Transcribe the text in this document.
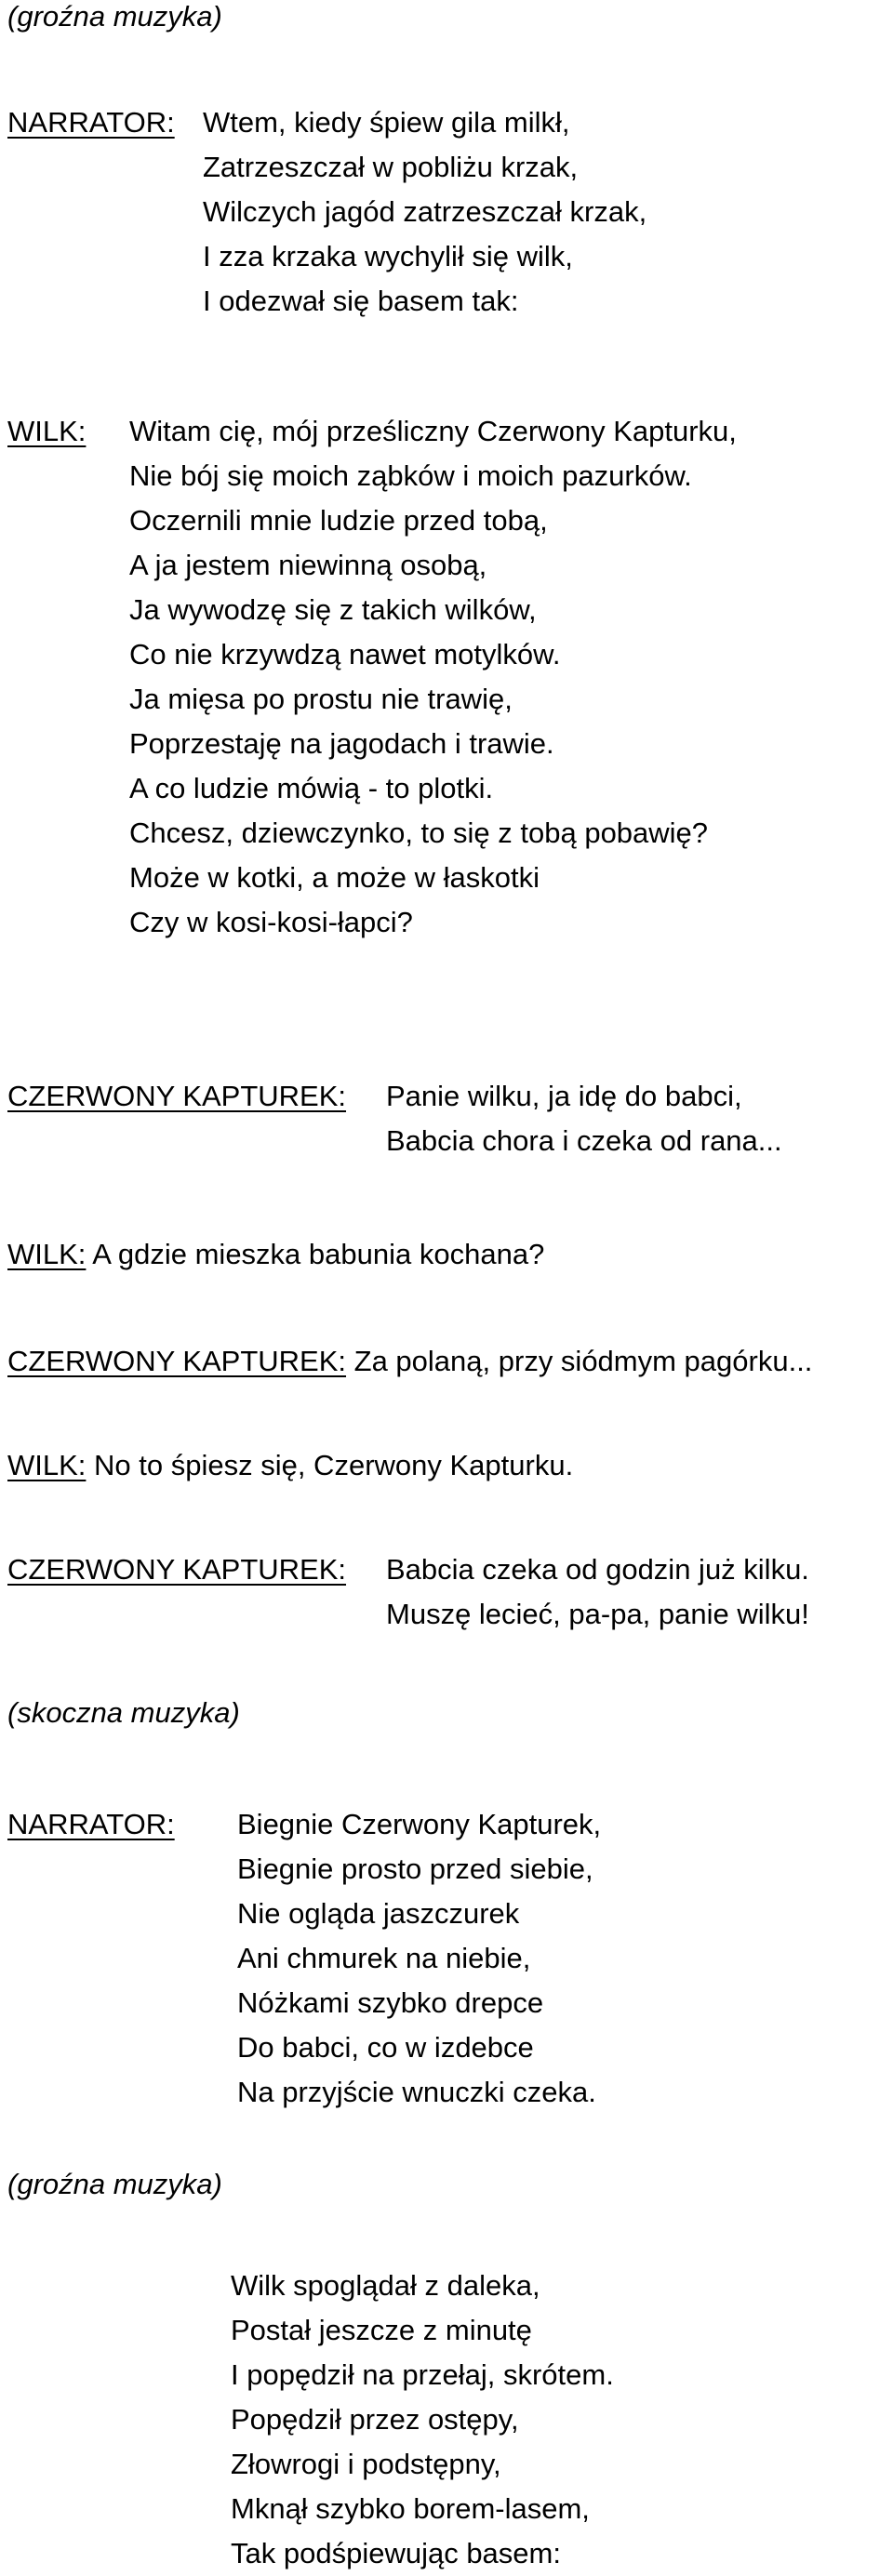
(groźna muzyka)
NARRATOR: Wtem, kiedy śpiew gila milkł,
Zatrzeszczał w pobliżu krzak,
Wilczych jagód zatrzeszczał krzak,
I zza krzaka wychylił się wilk,
I odezwał się basem tak:
WILK: Witam cię, mój prześliczny Czerwony Kapturku,
Nie bój się moich ząbków i moich pazurków.
Oczernili mnie ludzie przed tobą,
A ja jestem niewinną osobą,
Ja wywodzę się z takich wilków,
Co nie krzywdzą nawet motylków.
Ja mięsa po prostu nie trawię,
Poprzestaję na jagodach i trawie.
A co ludzie mówią - to plotki.
Chcesz, dziewczynko, to się z tobą pobawię?
Może w kotki, a może w łaskotki
Czy w kosi-kosi-łapci?
CZERWONY KAPTUREK: Panie wilku, ja idę do babci,
Babcia chora i czeka od rana...
WILK: A gdzie mieszka babunia kochana?
CZERWONY KAPTUREK: Za polaną, przy siódmym pagórku...
WILK: No to śpiesz się, Czerwony Kapturku.
CZERWONY KAPTUREK: Babcia czeka od godzin już kilku.
Muszę lecieć, pa-pa, panie wilku!
(skoczna muzyka)
NARRATOR: Biegnie Czerwony Kapturek,
Biegnie prosto przed siebie,
Nie ogląda jaszczurek
Ani chmurek na niebie,
Nóżkami szybko drepce
Do babci, co w izdebce
Na przyjście wnuczki czeka.
(groźna muzyka)
Wilk spoglądał z daleka,
Postał jeszcze z minutę
I popędził na przełaj, skrótem.
Popędził przez ostępy,
Złowrogi i podstępny,
Mknął szybko borem-lasem,
Tak podśpiewując basem:
